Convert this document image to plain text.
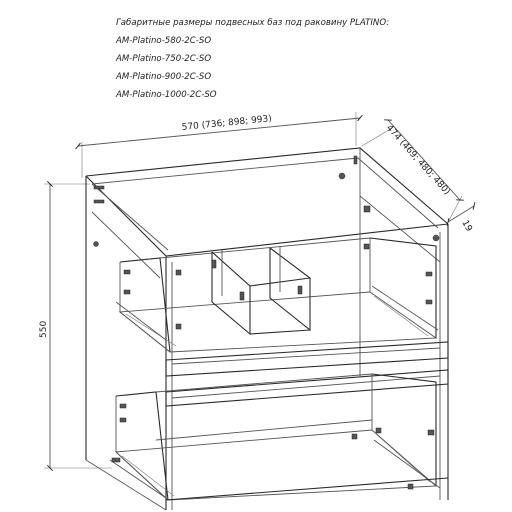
Габаритные размеры подвесных баз под раковину PLATINO:
AM-Platino-580-2C-SO
AM-Platino-750-2C-SO
AM-Platino-900-2C-SO
AM-Platino-1000-2C-SO
570 (736; 898; 993)	474 (469; 480; 480)
19
550
